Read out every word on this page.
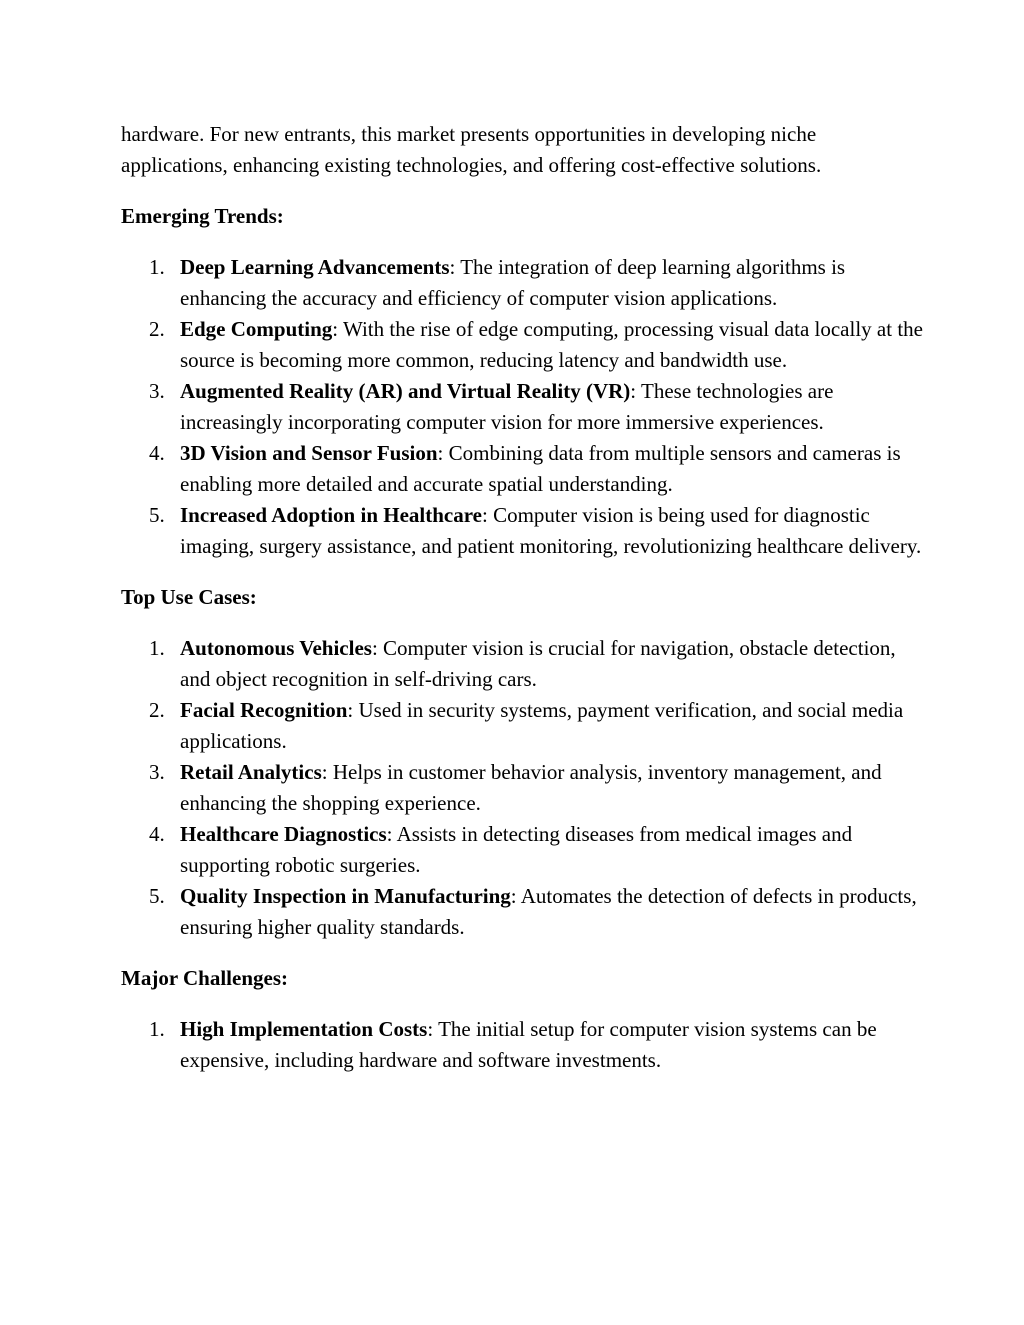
hardware. For new entrants, this market presents opportunities in developing niche applications, enhancing existing technologies, and offering cost-effective solutions.

Emerging Trends:
1. Deep Learning Advancements: The integration of deep learning algorithms is enhancing the accuracy and efficiency of computer vision applications.
2. Edge Computing: With the rise of edge computing, processing visual data locally at the source is becoming more common, reducing latency and bandwidth use.
3. Augmented Reality (AR) and Virtual Reality (VR): These technologies are increasingly incorporating computer vision for more immersive experiences.
4. 3D Vision and Sensor Fusion: Combining data from multiple sensors and cameras is enabling more detailed and accurate spatial understanding.
5. Increased Adoption in Healthcare: Computer vision is being used for diagnostic imaging, surgery assistance, and patient monitoring, revolutionizing healthcare delivery.
Top Use Cases:
1. Autonomous Vehicles: Computer vision is crucial for navigation, obstacle detection, and object recognition in self-driving cars.
2. Facial Recognition: Used in security systems, payment verification, and social media applications.
3. Retail Analytics: Helps in customer behavior analysis, inventory management, and enhancing the shopping experience.
4. Healthcare Diagnostics: Assists in detecting diseases from medical images and supporting robotic surgeries.
5. Quality Inspection in Manufacturing: Automates the detection of defects in products, ensuring higher quality standards.
Major Challenges:
1. High Implementation Costs: The initial setup for computer vision systems can be expensive, including hardware and software investments.
